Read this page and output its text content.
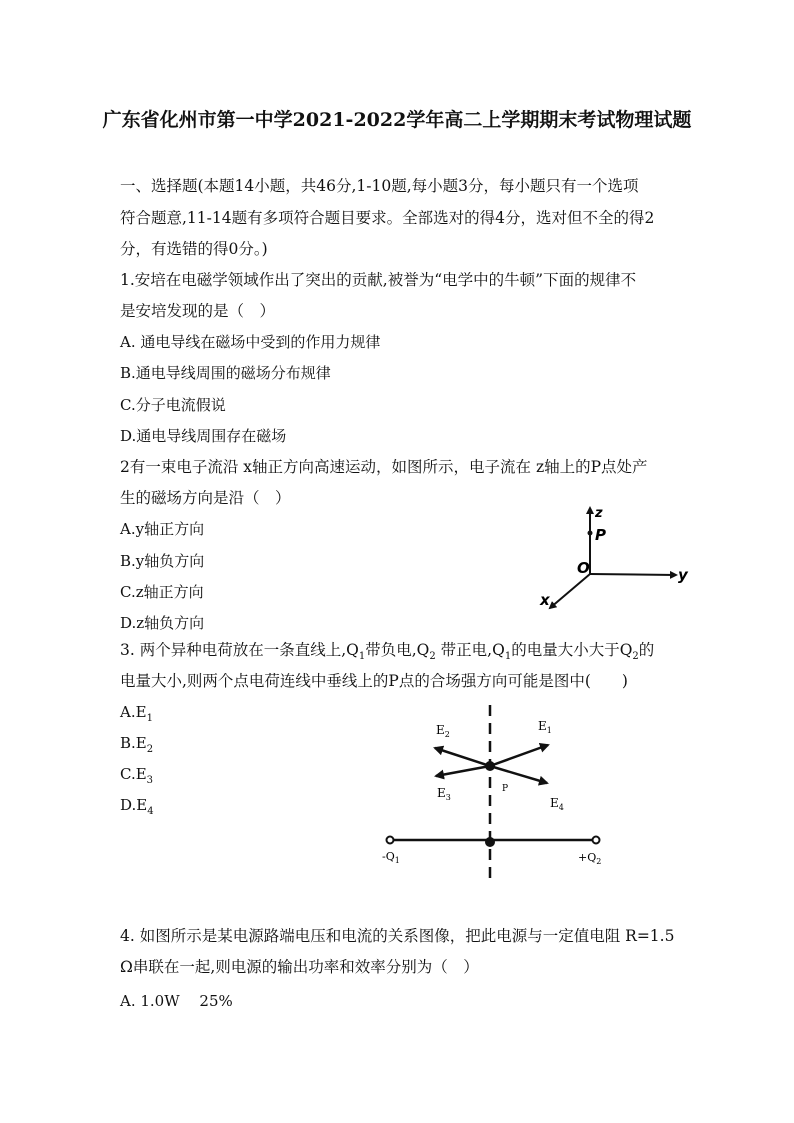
广东省化州市第一中学2021-2022学年高二上学期期末考试物理试题
一、选择题(本题14小题，共46分,1-10题,每小题3分，每小题只有一个选项
符合题意,11-14题有多项符合题目要求。全部选对的得4分，选对但不全的得2
分，有选错的得0分。)
1.安培在电磁学领域作出了突出的贡献,被誉为“电学中的牛顿”下面的规律不
是安培发现的是（　）
A. 通电导线在磁场中受到的作用力规律
B.通电导线周围的磁场分布规律
C.分子电流假说
D.通电导线周围存在磁场
2有一束电子流沿 x轴正方向高速运动，如图所示，电子流在 z轴上的P点处产
生的磁场方向是沿（　）
A.y轴正方向
B.y轴负方向
C.z轴正方向
D.z轴负方向
z
P
O	y
x
3. 两个异种电荷放在一条直线上$,Q_1$带负电$,Q_2$ 带正电$,Q_1$的电量大小大于$Q_2$的
电量大小,则两个点电荷连线中垂线上的P点的合场强方向可能是图中(　　)
$A.E_1$
$B.E_2$
$C.E_3$
$D.E_4$
$E_2$
$E_1$
$E_3$
P
$E_4$
$-Q_1$	$+Q_2$
4. 如图所示是某电源路端电压和电流的关系图像，把此电源与一定值电阻 R=1.5
Ω串联在一起,则电源的输出功率和效率分别为（　）
A. 1.0W　 25%
